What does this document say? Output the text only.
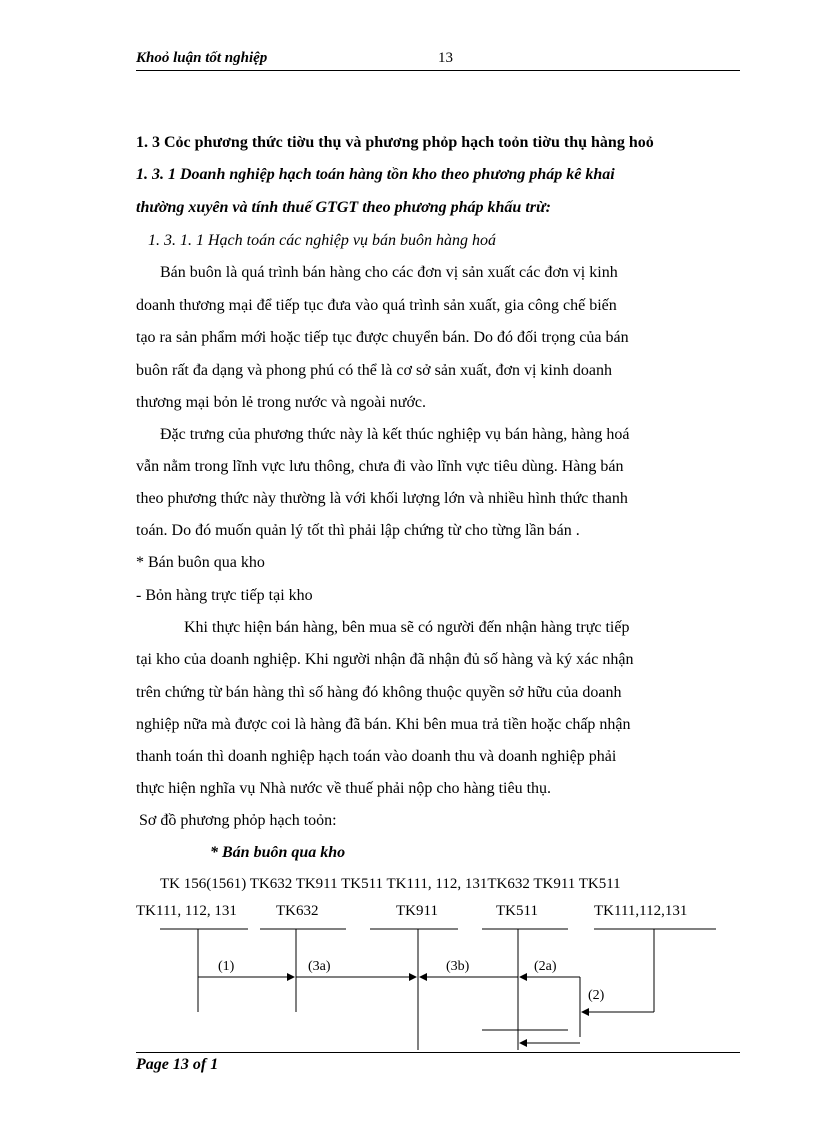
Khoỏ luận tốt nghiệp	13
1. 3 Cỏc phương thức tiờu thụ và phương phỏp hạch toỏn tiờu thụ hàng hoỏ
1. 3. 1 Doanh nghiệp hạch toán hàng tồn kho theo phương pháp kê khai
thường xuyên và tính thuế GTGT theo phương pháp khấu trừ:
1. 3. 1. 1 Hạch toán các nghiệp vụ bán buôn hàng hoá
Bán buôn là quá trình bán hàng cho các đơn vị sản xuất các đơn vị kinh
doanh thương mại để tiếp tục đưa vào quá trình sản xuất, gia công chế biến
tạo ra sản phẩm mới hoặc tiếp tục được chuyển bán. Do đó đối trọng của bán
buôn rất đa dạng và phong phú có thể là cơ sở sản xuất, đơn vị kinh doanh
thương mại bỏn lẻ trong nước và ngoài nước.
Đặc trưng của phương thức này là kết thúc nghiệp vụ bán hàng, hàng hoá
vẫn nằm trong lĩnh vực lưu thông, chưa đi vào lĩnh vực tiêu dùng. Hàng bán
theo phương thức này thường là với khối lượng lớn và nhiều hình thức thanh
toán. Do đó muốn quản lý tốt thì phải lập chứng từ cho từng lần bán .
* Bán buôn qua kho
- Bỏn hàng trực tiếp tại kho
Khi thực hiện bán hàng, bên mua sẽ có người đến nhận hàng trực tiếp
tại kho của doanh nghiệp. Khi người nhận đã nhận đủ số hàng và ký xác nhận
trên chứng từ bán hàng thì số hàng đó không thuộc quyền sở hữu của doanh
nghiệp nữa mà được coi là hàng đã bán. Khi bên mua trả tiền hoặc chấp nhận
thanh toán thì doanh nghiệp hạch toán vào doanh thu và doanh nghiệp phải
thực hiện nghĩa vụ Nhà nước về thuế phải nộp cho hàng tiêu thụ.
Sơ đồ phương phỏp hạch toỏn:
* Bán buôn qua kho
TK 156(1561) TK632 TK911 TK511 TK111, 112, 131TK632 TK911 TK511
TK111, 112, 131	TK632	TK911	TK511	TK111,112,131
(1)	(3a)	(3b)	(2a)
(2)
Page 13 of 1
